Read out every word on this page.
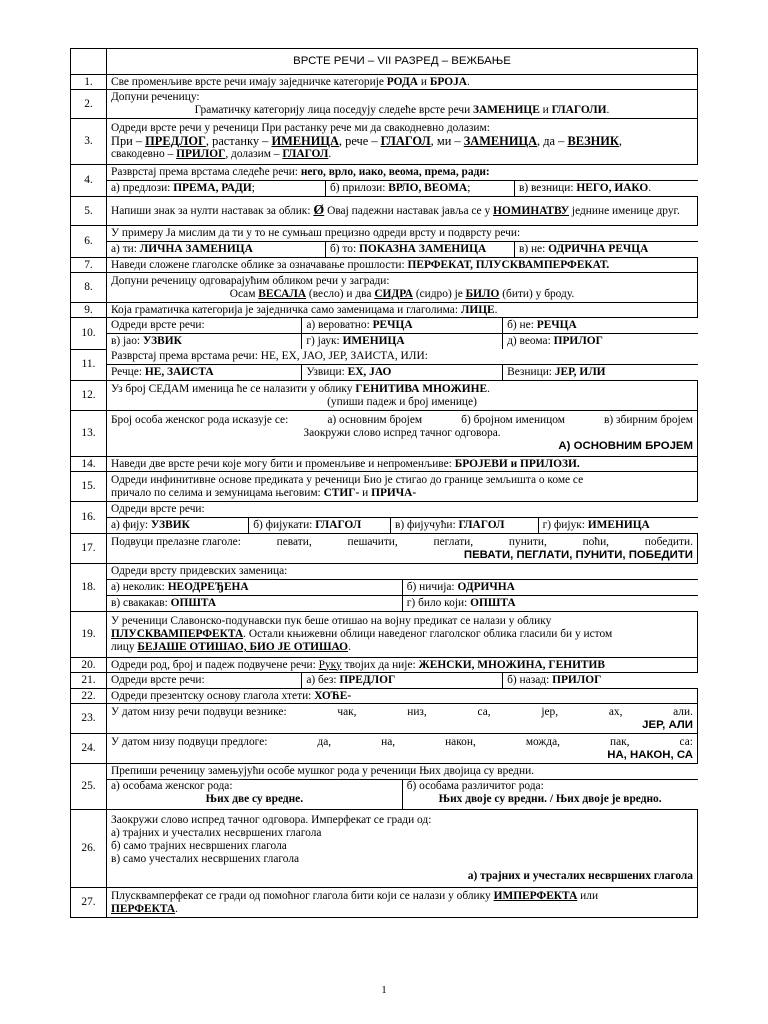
	ВРСТЕ РЕЧИ – VII РАЗРЕД – ВЕЖБАЊЕ
1.	Све променљиве врсте речи имају заједничке категорије РОДА и БРОЈА.
2.	
Допуни реченицу:
Граматичку категорију лица поседују следеће врсте речи ЗАМЕНИЦЕ и ГЛАГОЛИ.

3.	
Одреди врсте речи у реченици При растанку рече ми да свакодневно долазим:
При – ПРЕДЛОГ, растанку – ИМЕНИЦА, рече – ГЛАГОЛ, ми – ЗАМЕНИЦА, да – ВЕЗНИК,
свакодевно – ПРИЛОГ, долазим – ГЛАГОЛ.

4.	
Разврстај према врстама следеће речи: него, врло, иако, веома, према, ради:
а) предлози: ПРЕМА, РАДИ;	б) прилози: ВРЛО, ВЕОМА;	в) везници: НЕГО, ИАКО.

5.	Напиши знак за нулти наставак за облик: Ø Овај падежни наставак јавља се у НОМИНАТВУ једнине именице друг.
6.	
У примеру Ја мислим да ти у то не сумњаш прецизно одреди врсту и подврсту речи:
а) ти: ЛИЧНА ЗАМЕНИЦА	б) то: ПОКАЗНА ЗАМЕНИЦА	в) не: ОДРИЧНА РЕЧЦА

7.	Наведи сложене глаголске облике за означавање прошлости: ПЕРФЕКАТ, ПЛУСКВАМПЕРФЕКАТ.
8.	
Допуни реченицу одговарајућим обликом речи у загради:
Осам ВЕСАЛА (весло) и два СИДРА (сидро) је БИЛО (бити) у броду.

9.	Која граматичка категорија је заједничка само заменицама и глаголима: ЛИЦЕ.
10.	
Одреди врсте речи:	а) вероватно: РЕЧЦА	б) не: РЕЧЦА
в) јао: УЗВИК	г) јаук: ИМЕНИЦА	д) веома: ПРИЛОГ

11.	
Разврстај према врстама речи: НЕ, ЕХ, ЈАО, ЈЕР, ЗАИСТА, ИЛИ:
Речце: НЕ, ЗАИСТА	Узвици: ЕХ, ЈАО	Везници: ЈЕР, ИЛИ

12.	
Уз број СЕДАМ именица ће се налазити у облику ГЕНИТИВА МНОЖИНЕ.
(упиши падеж и број именице)

13.	
Број особа женског рода исказује се:	а) основним бројем	б) бројном именицом	в) збирним бројем
Заокружи слово испред тачног одговора.
А) ОСНОВНИМ БРОЈЕМ

14.	Наведи две врсте речи које могу бити и променљиве и непроменљиве: БРОЈЕВИ и ПРИЛОЗИ.
15.	
Одреди инфинитивне основе предиката у реченици Био је стигао до границе земљишта о коме се
причало по селима и земуницама његовим: СТИГ- и ПРИЧА-

16.	
Одреди врсте речи:
а) фију: УЗВИК	б) фијукати: ГЛАГОЛ	в) фијучући: ГЛАГОЛ	г) фијук: ИМЕНИЦА

17.	
Подвуци прелазне глаголе:	певати,	пешачити,	пеглати,	пунити,	поћи,	победити.
ПЕВАТИ, ПЕГЛАТИ, ПУНИТИ, ПОБЕДИТИ

18.	
Одреди врсту придевских заменица:
а) неколик: НЕОДРЕЂЕНА	б) ничија: ОДРИЧНА
в) свакакав: ОПШТА	г) било који: ОПШТА

19.	
У реченици Славонско-подунавски пук беше отишао на војну предикат се налази у облику
ПЛУСКВАМПЕРФЕКТА. Остали књижевни облици наведеног глаголског облика гласили би у истом
лицу БЕЈАШЕ ОТИШАО, БИО ЈЕ ОТИШАО.

20.	Одреди род, број и падеж подвучене речи: Руку твојих да није: ЖЕНСКИ, МНОЖИНА, ГЕНИТИВ
21.	Одреди врсте речи:	а) без: ПРЕДЛОГ	б) назад: ПРИЛОГ

22.	Одреди презентску основу глагола хтети: ХОЋЕ-
23.	
У датом низу речи подвуци везнике:	чак,	низ,	са,	јер,	ах,	али.
ЈЕР, АЛИ

24.	
У датом низу подвуци предлоге:	да,	на,	након,	можда,	пак,	са:
НА, НАКОН, СА

25.	
Препиши реченицу замењујући особе мушког рода у реченици Њих двојица су вредни.

а) особама женског рода:
Њих две су вредне.

б) особама различитог рода:
Њих двоје су вредни. / Њих двоје је вредно.

26.	
Заокружи слово испред тачног одговора. Имперфекат се гради од:
а) трајних и учесталих несвршених глагола
б) само трајних несвршених глагола
в) само учесталих несвршених глагола
а) трајних и учесталих несвршених глагола

27.	
Плусквамперфекат се гради од помоћног глагола бити који се налази у облику ИМПЕРФЕКТА или
ПЕРФЕКТА.
1
